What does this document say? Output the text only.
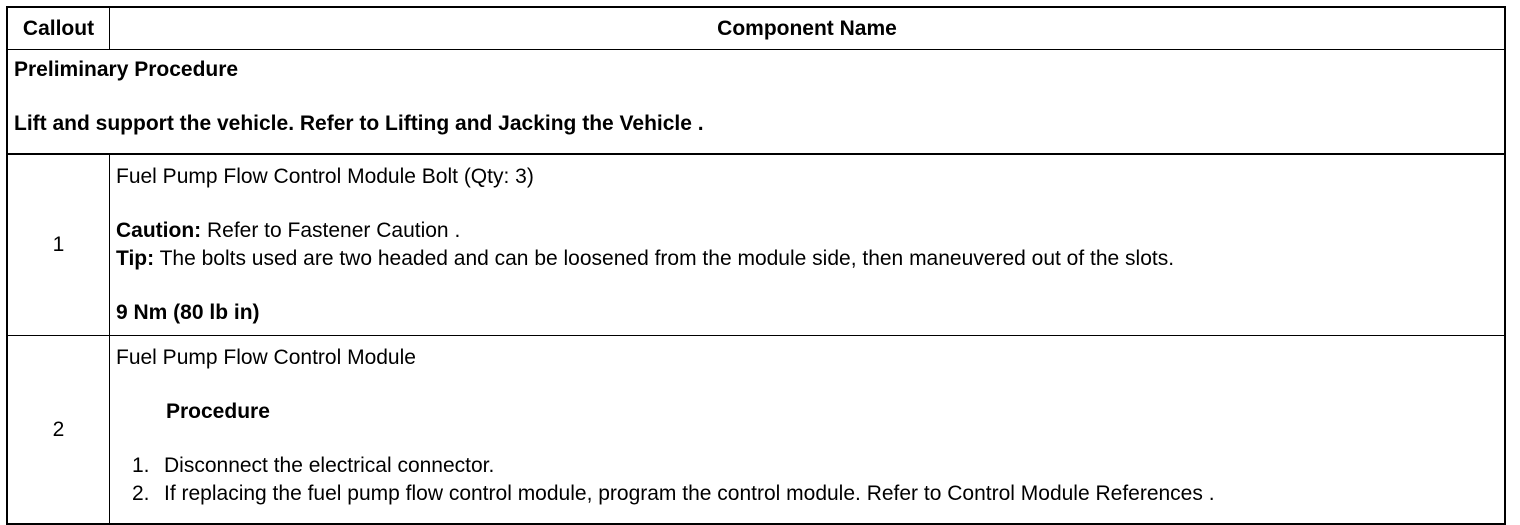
Callout	Component Name
Preliminary Procedure
Lift and support the vehicle. Refer to Lifting and Jacking the Vehicle .
1
Fuel Pump Flow Control Module Bolt (Qty: 3)
Caution: Refer to Fastener Caution .
Tip: The bolts used are two headed and can be loosened from the module side, then maneuvered out of the slots.
9 Nm (80 lb in)
2
Fuel Pump Flow Control Module
Procedure
1. Disconnect the electrical connector.
2. If replacing the fuel pump flow control module, program the control module. Refer to Control Module References .
